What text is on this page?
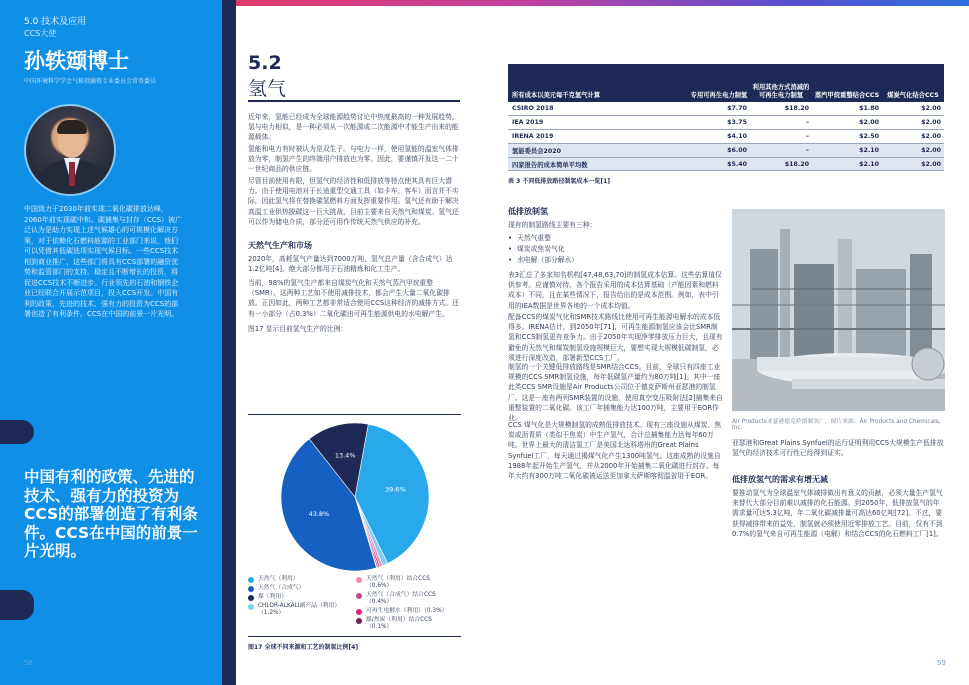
5.0 技术及应用
CCS大使
孙轶颋博士
中国环境科学学会气候投融资专业委员会常务委员
中国致力于2030年前实现二氧化碳排放达峰，2060年前实现碳中和。碳捕集与封存（CCS）被广泛认为是助力实现上述气候雄心的可规模化解决方案，对于依赖化石燃料能源的工业部门来说，他们可以凭借其低碳选项实现气候目标。一些CCS技术相到商业推广，这些部门将具有CCS部署的融资优势和监管部门的支持。稳定且不断增长的投资，将促进CCS技术不断进步。行业领先的石油和钢铁企业已经联合开展示范项目，投入CCS开发。中国有利的政策、先进的技术、强有力的投资为CCS的部署创造了有利条件。CCS在中国的前景一片光明。
中国有利的政策、先进的技术、强有力的投资为CCS的部署创造了有利条件。CCS在中国的前景一片光明。
58
5.2
氢气
近年来，氢能已经成为全球能源趋势讨论中热度最高的一种发展趋势。氢与电力相似，是一种必须从一次能源或二次能源中才能生产出来的能源载体。
氢能和电力有时被认为是双生子。与电力一样，使用氢能的温室气体排放为零，制氢产生的终端用户排放也为零。因此，要谨慎开发这一二十一世纪商品的供应链。
尽管目前使用有限，但氢气的经济性和低排放等特点使其具有巨大潜力。由于使用电池对于长途重型交通工具（如卡车、客车）而言并不实际，因此氢气将在替换碳氢燃料方面发挥重要作用。氢气还有助于解决高温工业供热脱碳这一巨大挑战，目前主要来自天然气和煤炭。氢气还可以作为储电介质，部分还可用作传统天然气供应的补充。
天然气生产和市场
2020年，高耗氢气产量达到7000万吨，氢气总产量（含合成气）达1.2亿吨[4]。绝大部分都用于石油精炼和化工生产。
当前，98%的氢气生产都来自煤炭气化和天然气蒸汽甲烷重整（SMR）。这两种工艺如不使用减排技术，都会产生大量二氧化碳排放。正因如此，两种工艺都非常适合使用CCS这种经济的减排方式。还有一小部分（占0.3%）二氧化碳由可再生能源供电的水电解产生。
图17 显示目前氢气生产的比例：
39.6%
43.8%
13.4%
天然气（利用）
天然气（合成气）
煤（利用）
CHLOR-ALKALI副产品（利用）（1.2%）
天然气（利用）结合CCS（0.6%）
天然气（合成气）结合CCS（0.4%）
可再生电解水（利用）（0.3%）
煤/焦炭（利用）结合CCS（0.1%）
图17 全球不同来源和工艺的制氢比例[4]
所有成本以美元每千克氢气计算	专用可再生电力制氢	利用其他方式消减的可再生电力制氢	蒸汽甲烷重整结合CCS	煤炭气化结合CCS
CSIRO 2018	$7.70	$18.20	$1.80	$2.00
IEA 2019	$3.75	–	$2.00	$2.00
IRENA 2019	$4.10	–	$2.50	$2.00
氢能委员会2020	$6.00	–	$2.10	$2.00
四家报告的成本简单平均数	$5.40	$18.20	$2.10	$2.00
表 3 不同低排放路径制氢成本一览[1]
低排放制氢
现有的制氢路线主要有三种：
• 天然气重整
• 煤炭或焦炭气化
• 水电解（部分解水）
表3汇总了多家知名机构[47,48,63,70]的制氢成本估算。这些估算值仅供参考。应谨慎对待。各个报告采用的成本估算基础（产能因素和燃料成本）不同，且在某些情况下，报告给出的是成本范围。例如，表中引用的IEA数据是世界各地的一个成本均值。
配备CCS的煤炭气化和SMR技术路线比使用可再生能源电解水的成本低得多。IRENA估计，到2050年[71]，可再生能源制氢应该会比SMR制氢和CCS制氢更有竞争力。由于2050年实现净零排放压力巨大，且现有避免的天然气和煤炭制氢设施规模巨大，要想实现大规模低碳制氢，必须进行深度改造，部署新型CCS工厂。
制氢的一个关键低排放路线是SMR结合CCS。目前，全球只有四座工业规模的CCS SMR制氢设施，每年低碳氢产量约为80万吨[1]。其中一座此类CCS SMR设施是Air Products公司位于德克萨斯州亚瑟港的制氢厂。这是一座有两列SMR装置的设施，使用真空变压吸附法[2]捕集来自重整装置的二氧化碳。该工厂年捕集能力达100万吨，主要用于EOR作业。
CCS 煤气化是大规模制氢的成熟低排放技术。现有三座设施从煤炭、焦炭或沥青质（类似于焦炭）中生产氢气，合计总捕集能力达每年60万吨。世界上最大的清洁氢工厂是美国北达科塔州的Great Plains Synfuel工厂，每天通过褐煤气化产生1300吨氢气。这座成熟的设施自1988年起开始生产氢气，并从2000年开始捕集二氧化碳进行封存。每年大约有300万吨二氧化碳被运送至加拿大萨斯喀彻温省用于EOR。
Air Products亚瑟港德克萨斯制氢厂，图片来源：Air Products and Chemicals, Inc.
亚瑟港和Great Plains Synfuel的运行证明利用CCS大规模生产低排放氢气的经济技术可行性已经得到证实。
低排放氢气的需求有增无减
要推动氢气为全球温室气体减排做出有意义的贡献，必须大量生产氢气来替代大部分目前难以减排的化石能源。到2050年，低排放氢气的年需求量可达5.3亿吨，年二氧化碳减排量可高达60亿吨[72]。不过，要获得减排带来的益处，制氢就必须使用近零排放工艺。目前，仅有不到0.7%的氢气来自可再生能源（电解）和结合CCS的化石燃料工厂[1]。
59
